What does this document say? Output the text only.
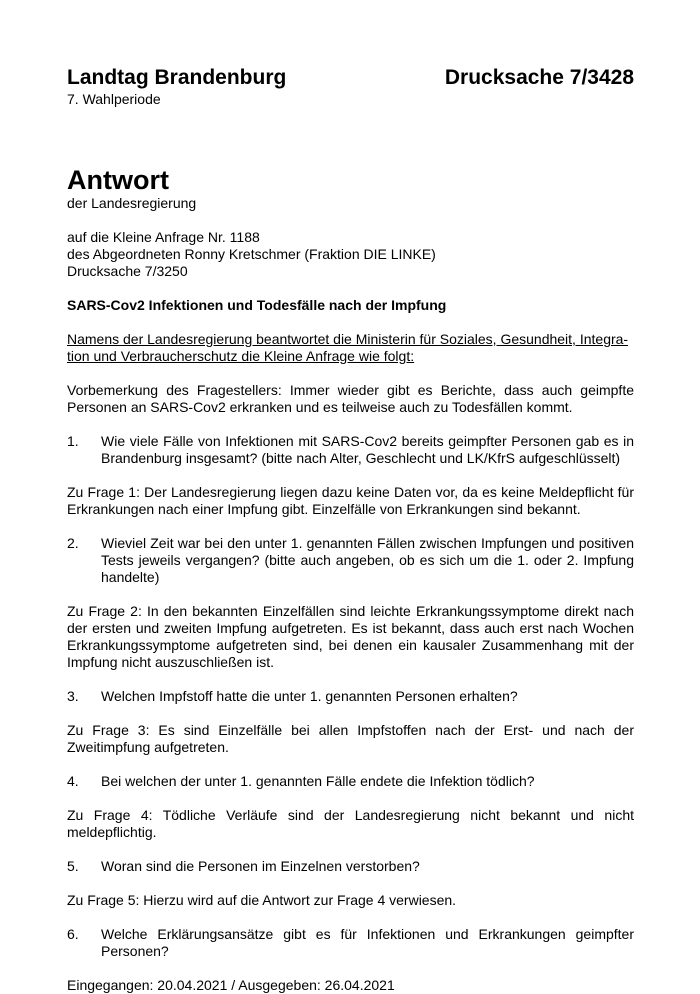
Landtag Brandenburg	Drucksache 7/3428
7. Wahlperiode
Antwort
der Landesregierung
auf die Kleine Anfrage Nr. 1188
des Abgeordneten Ronny Kretschmer (Fraktion DIE LINKE)
Drucksache 7/3250
SARS-Cov2 Infektionen und Todesfälle nach der Impfung
Namens der Landesregierung beantwortet die Ministerin für Soziales, Gesundheit, Integra-
tion und Verbraucherschutz die Kleine Anfrage wie folgt:
Vorbemerkung des Fragestellers: Immer wieder gibt es Berichte, dass auch geimpfte Personen an SARS-Cov2 erkranken und es teilweise auch zu Todesfällen kommt.
1.	Wie viele Fälle von Infektionen mit SARS-Cov2 bereits geimpfter Personen gab es in Brandenburg insgesamt? (bitte nach Alter, Geschlecht und LK/KfrS aufgeschlüsselt)
Zu Frage 1: Der Landesregierung liegen dazu keine Daten vor, da es keine Meldepflicht für Erkrankungen nach einer Impfung gibt. Einzelfälle von Erkrankungen sind bekannt.
2.	Wieviel Zeit war bei den unter 1. genannten Fällen zwischen Impfungen und positiven Tests jeweils vergangen? (bitte auch angeben, ob es sich um die 1. oder 2. Impfung handelte)
Zu Frage 2: In den bekannten Einzelfällen sind leichte Erkrankungssymptome direkt nach der ersten und zweiten Impfung aufgetreten. Es ist bekannt, dass auch erst nach Wochen Erkrankungssymptome aufgetreten sind, bei denen ein kausaler Zusammenhang mit der Impfung nicht auszuschließen ist.
3.	Welchen Impfstoff hatte die unter 1. genannten Personen erhalten?
Zu Frage 3: Es sind Einzelfälle bei allen Impfstoffen nach der Erst- und nach der Zweitimpfung aufgetreten.
4.	Bei welchen der unter 1. genannten Fälle endete die Infektion tödlich?
Zu Frage 4: Tödliche Verläufe sind der Landesregierung nicht bekannt und nicht meldepflichtig.
5.	Woran sind die Personen im Einzelnen verstorben?
Zu Frage 5: Hierzu wird auf die Antwort zur Frage 4 verwiesen.
6.	Welche Erklärungsansätze gibt es für Infektionen und Erkrankungen geimpfter Personen?
Eingegangen: 20.04.2021 / Ausgegeben: 26.04.2021
